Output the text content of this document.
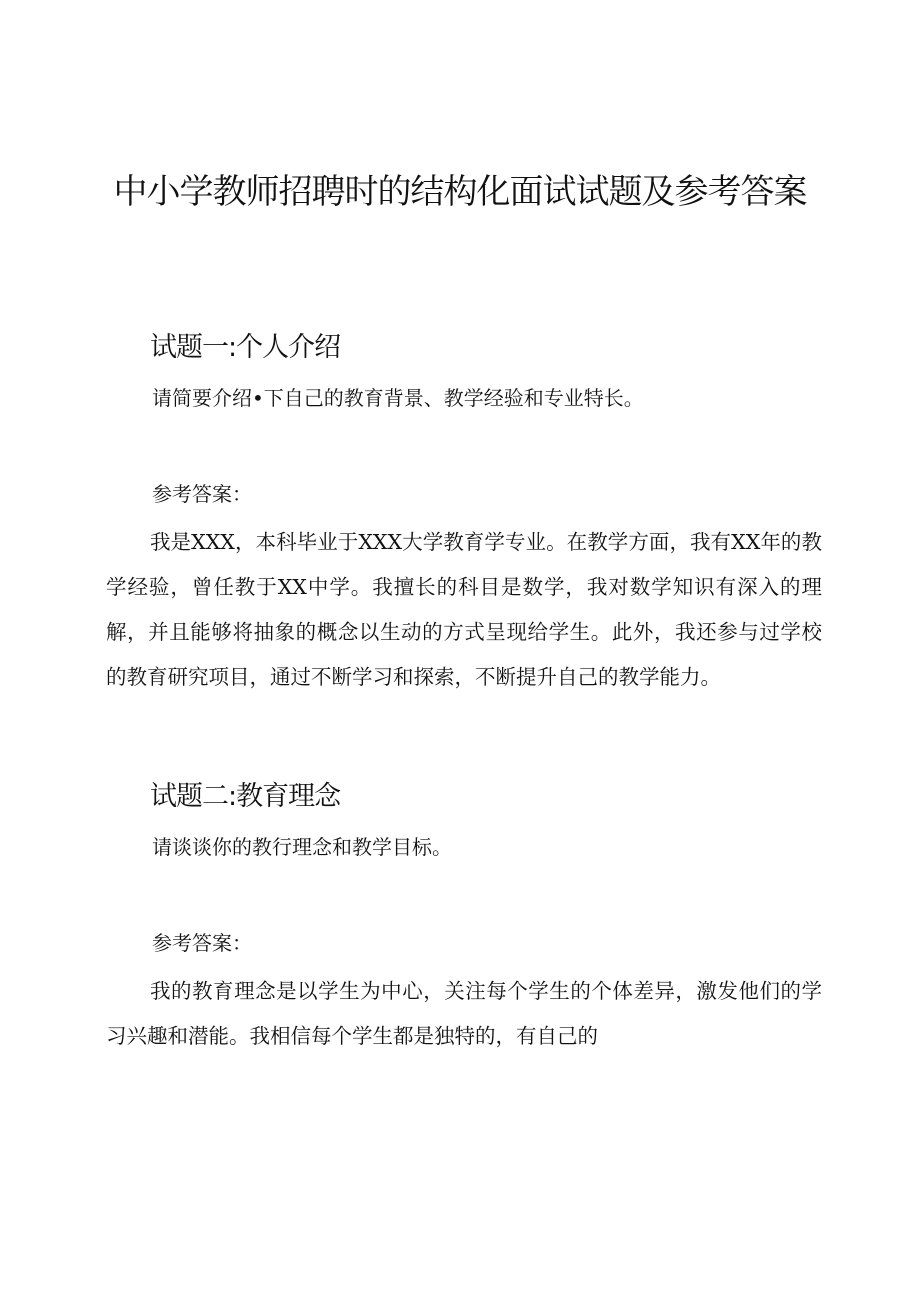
中小学教师招聘时的结构化面试试题及参考答案
试题一:个人介绍

请简要介绍•下自己的教育背景、教学经验和专业特长。

参考答案：

我是XXX，本科毕业于XXX大学教育学专业。在教学方面，我有XX年的教学经验，曾任教于XX中学。我擅长的科目是数学，我对数学知识有深入的理解，并且能够将抽象的概念以生动的方式呈现给学生。此外，我还参与过学校的教育研究项目，通过不断学习和探索，不断提升自己的教学能力。

试题二:教育理念

请谈谈你的教行理念和教学目标。

参考答案：

我的教育理念是以学生为中心，关注每个学生的个体差异，激发他们的学习兴趣和潜能。我相信每个学生都是独特的，有自己的
